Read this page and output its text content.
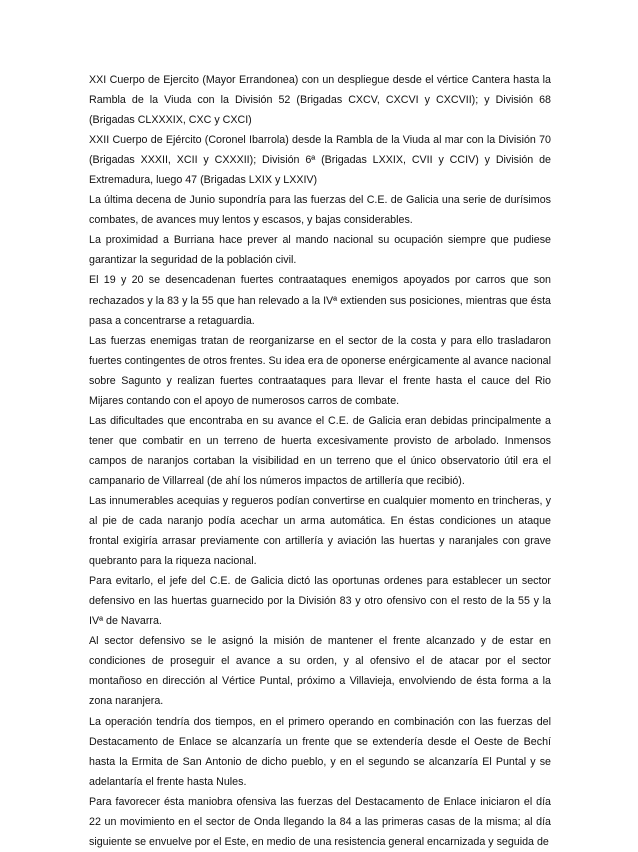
XXI Cuerpo de Ejercito (Mayor Errandonea) con un despliegue desde el vértice Cantera hasta la Rambla de la Viuda con la División 52 (Brigadas CXCV, CXCVI y CXCVII); y División 68 (Brigadas CLXXXIX, CXC y CXCI)

XXII Cuerpo de Ejército (Coronel Ibarrola) desde la Rambla de la Viuda al mar con la División 70 (Brigadas XXXII, XCII y CXXXII); División 6ª (Brigadas LXXIX, CVII y CCIV) y División de Extremadura, luego 47 (Brigadas LXIX y LXXIV)

La última decena de Junio supondría para las fuerzas del C.E. de Galicia una serie de durísimos combates, de avances muy lentos y escasos, y bajas considerables.

La proximidad a Burriana hace prever al mando nacional su ocupación siempre que pudiese garantizar la seguridad de la población civil.

El 19 y 20 se desencadenan fuertes contraataques enemigos apoyados por carros que son rechazados y la 83 y la 55 que han relevado a la IVª extienden sus posiciones, mientras que ésta pasa a concentrarse a retaguardia.

Las fuerzas enemigas tratan de reorganizarse en el sector de la costa y para ello trasladaron fuertes contingentes de otros frentes. Su idea era de oponerse enérgicamente al avance nacional sobre Sagunto y realizan fuertes contraataques para llevar el frente hasta el cauce del Rio Mijares contando con el apoyo de numerosos carros de combate.

Las dificultades que encontraba en su avance el C.E. de Galicia eran debidas principalmente a tener que combatir en un terreno de huerta excesivamente provisto de arbolado. Inmensos campos de naranjos cortaban la visibilidad en un terreno que el único observatorio útil era el campanario de Villarreal (de ahí los números impactos de artillería que recibió).

Las innumerables acequias y regueros podían convertirse en cualquier momento en trincheras, y al pie de cada naranjo podía acechar un arma automática. En éstas condiciones un ataque frontal exigiría arrasar previamente con artillería y aviación las huertas y naranjales con grave quebranto para la riqueza nacional.

Para evitarlo, el jefe del C.E. de Galicia dictó las oportunas ordenes para establecer un sector defensivo en las huertas guarnecido por la División 83 y otro ofensivo con el resto de la 55 y la IVª de Navarra.

Al sector defensivo se le asignó la misión de mantener el frente alcanzado y de estar en condiciones de proseguir el avance a su orden, y al ofensivo el de atacar por el sector montañoso en dirección al Vértice Puntal, próximo a Villavieja, envolviendo de ésta forma a la zona naranjera.

La operación tendría dos tiempos, en el primero operando en combinación con las fuerzas del Destacamento de Enlace se alcanzaría un frente que se extendería desde el Oeste de Bechí hasta la Ermita de San Antonio de dicho pueblo, y en el segundo se alcanzaría El Puntal y se adelantaría el frente hasta Nules.

Para favorecer ésta maniobra ofensiva las fuerzas del Destacamento de Enlace iniciaron el día 22 un movimiento en el sector de Onda llegando la 84 a las primeras casas de la misma; al día siguiente se envuelve por el Este, en medio de una resistencia general encarnizada y seguida de
